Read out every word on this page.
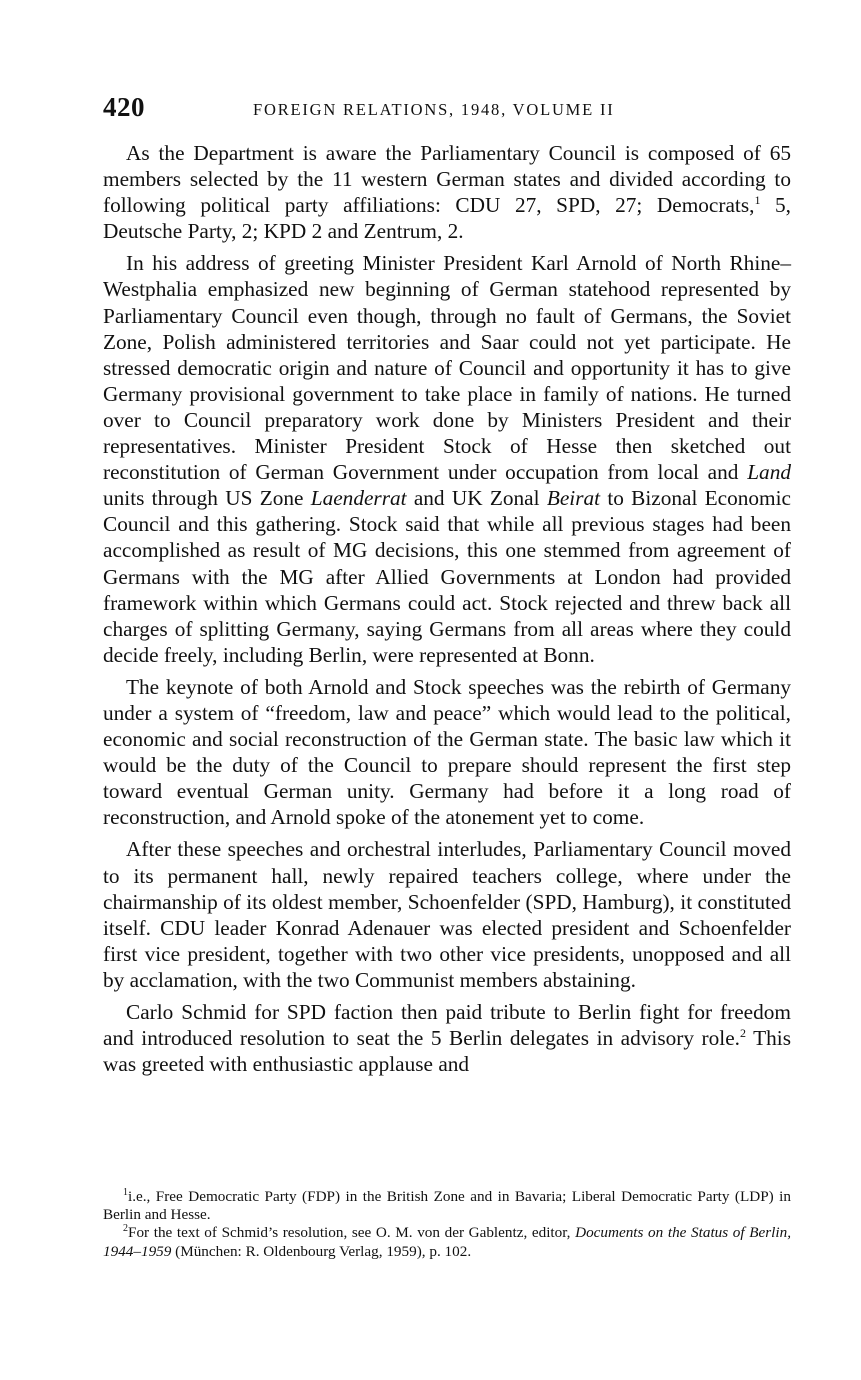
420	FOREIGN RELATIONS, 1948, VOLUME II

As the Department is aware the Parliamentary Council is composed of 65 members selected by the 11 western German states and divided according to following political party affiliations: CDU 27, SPD, 27; Democrats,$^1$ 5, Deutsche Party, 2; KPD 2 and Zentrum, 2.

In his address of greeting Minister President Karl Arnold of North Rhine–Westphalia emphasized new beginning of German statehood represented by Parliamentary Council even though, through no fault of Germans, the Soviet Zone, Polish administered territories and Saar could not yet participate. He stressed democratic origin and nature of Council and opportunity it has to give Germany provisional government to take place in family of nations. He turned over to Council preparatory work done by Ministers President and their representatives. Minister President Stock of Hesse then sketched out reconstitution of German Government under occupation from local and Land units through US Zone Laenderrat and UK Zonal Beirat to Bizonal Economic Council and this gathering. Stock said that while all previous stages had been accomplished as result of MG decisions, this one stemmed from agreement of Germans with the MG after Allied Governments at London had provided framework within which Germans could act. Stock rejected and threw back all charges of splitting Germany, saying Germans from all areas where they could decide freely, including Berlin, were represented at Bonn.

The keynote of both Arnold and Stock speeches was the rebirth of Germany under a system of “freedom, law and peace” which would lead to the political, economic and social reconstruction of the German state. The basic law which it would be the duty of the Council to prepare should represent the first step toward eventual German unity. Germany had before it a long road of reconstruction, and Arnold spoke of the atonement yet to come.

After these speeches and orchestral interludes, Parliamentary Council moved to its permanent hall, newly repaired teachers college, where under the chairmanship of its oldest member, Schoenfelder (SPD, Hamburg), it constituted itself. CDU leader Konrad Adenauer was elected president and Schoenfelder first vice president, together with two other vice presidents, unopposed and all by acclamation, with the two Communist members abstaining.

Carlo Schmid for SPD faction then paid tribute to Berlin fight for freedom and introduced resolution to seat the 5 Berlin delegates in advisory role.$^2$ This was greeted with enthusiastic applause and

$^1$i.e., Free Democratic Party (FDP) in the British Zone and in Bavaria; Liberal Democratic Party (LDP) in Berlin and Hesse.

$^2$For the text of Schmid’s resolution, see O. M. von der Gablentz, editor, Documents on the Status of Berlin, 1944–1959 (München: R. Oldenbourg Verlag, 1959), p. 102.
